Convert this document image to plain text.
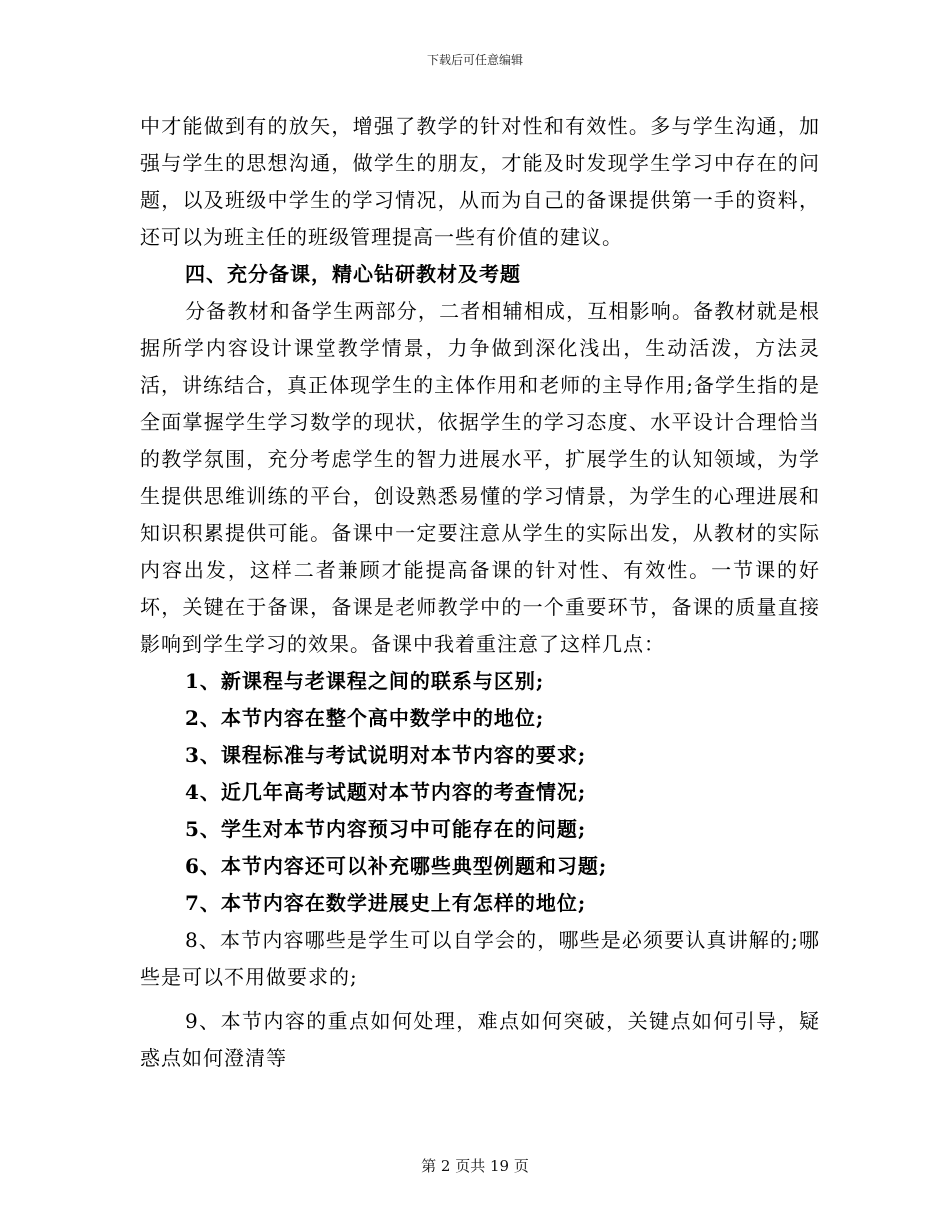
下载后可任意编辑

中才能做到有的放矢，增强了教学的针对性和有效性。多与学生沟通，加强与学生的思想沟通，做学生的朋友，才能及时发现学生学习中存在的问题，以及班级中学生的学习情况，从而为自己的备课提供第一手的资料，还可以为班主任的班级管理提高一些有价值的建议。

四、充分备课，精心钻研教材及考题

分备教材和备学生两部分，二者相辅相成，互相影响。备教材就是根据所学内容设计课堂教学情景，力争做到深化浅出，生动活泼，方法灵活，讲练结合，真正体现学生的主体作用和老师的主导作用;备学生指的是全面掌握学生学习数学的现状，依据学生的学习态度、水平设计合理恰当的教学氛围，充分考虑学生的智力进展水平，扩展学生的认知领域，为学生提供思维训练的平台，创设熟悉易懂的学习情景，为学生的心理进展和知识积累提供可能。备课中一定要注意从学生的实际出发，从教材的实际内容出发，这样二者兼顾才能提高备课的针对性、有效性。一节课的好坏，关键在于备课，备课是老师教学中的一个重要环节，备课的质量直接影响到学生学习的效果。备课中我着重注意了这样几点：

1、新课程与老课程之间的联系与区别;

2、本节内容在整个高中数学中的地位;

3、课程标准与考试说明对本节内容的要求;

4、近几年高考试题对本节内容的考查情况;

5、学生对本节内容预习中可能存在的问题;

6、本节内容还可以补充哪些典型例题和习题;

7、本节内容在数学进展史上有怎样的地位;

8、本节内容哪些是学生可以自学会的，哪些是必须要认真讲解的;哪些是可以不用做要求的;

9、本节内容的重点如何处理，难点如何突破，关键点如何引导，疑惑点如何澄清等

第 2 页共 19 页
